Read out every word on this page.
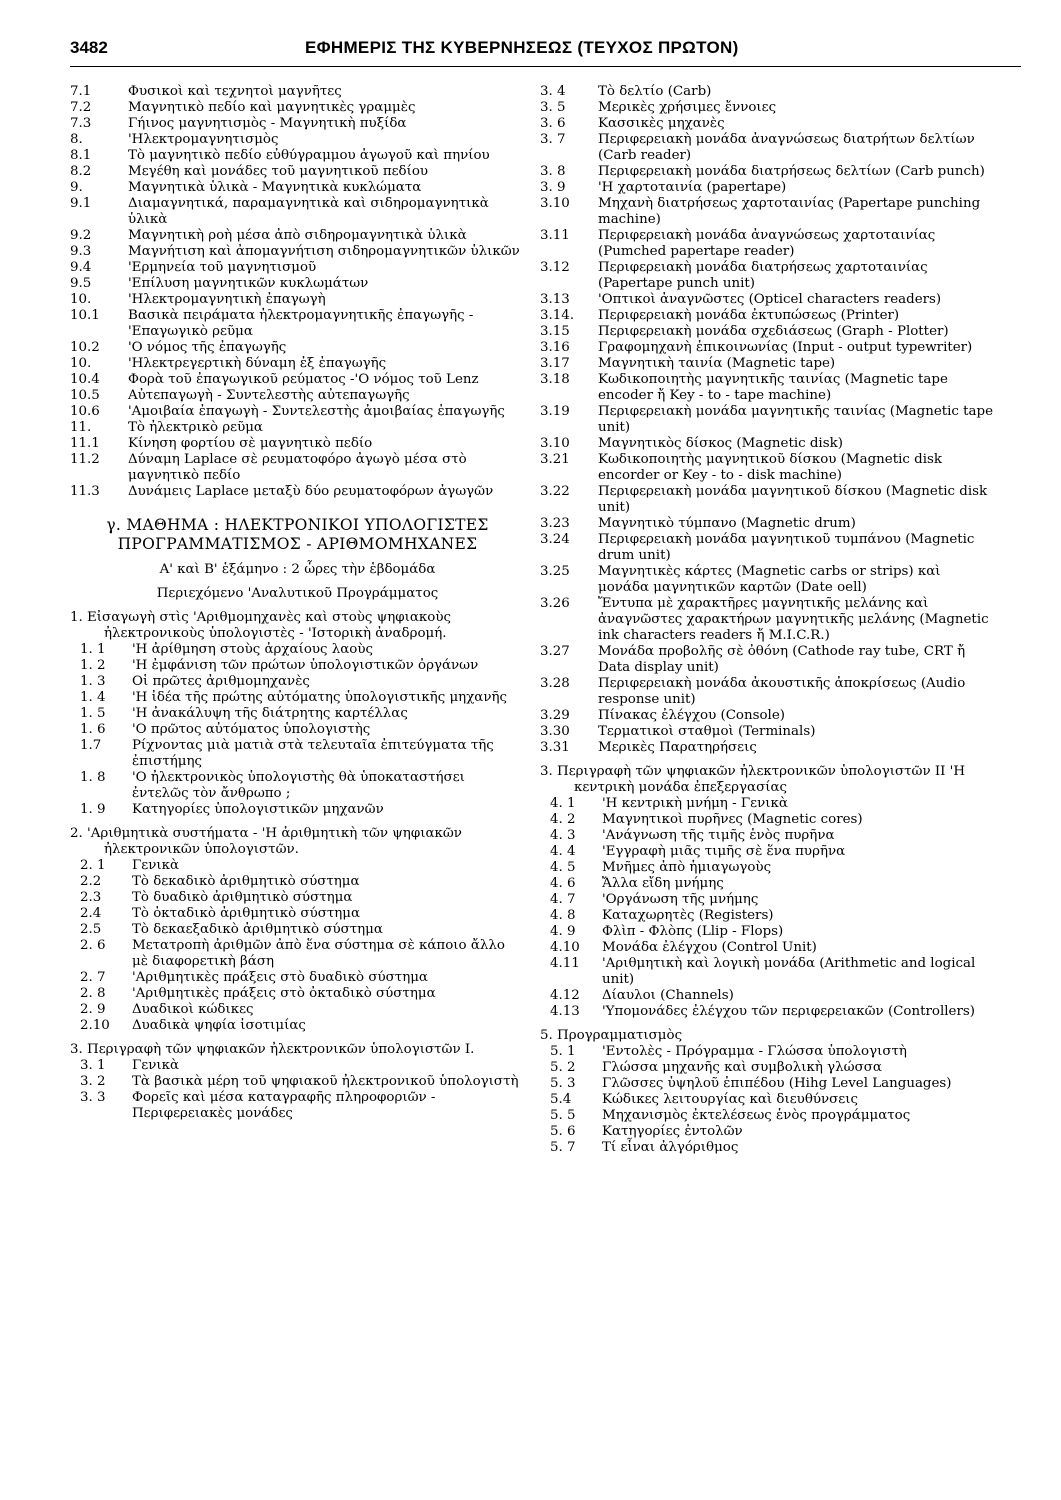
3482	ΕΦΗΜΕΡΙΣ ΤΗΣ ΚΥΒΕΡΝΗΣΕΩΣ (ΤΕΥΧΟΣ ΠΡΩΤΟΝ)

7.1	Φυσικοὶ καὶ τεχνητοὶ μαγνῆτες

7.2	Μαγνητικὸ πεδίο καὶ μαγνητικὲς γραμμὲς

7.3	Γήινος μαγνητισμὸς - Μαγνητικὴ πυξίδα

8.	'Ηλεκτρομαγνητισμὸς

8.1	Τὸ μαγνητικὸ πεδίο εὐθύγραμμου ἀγωγοῦ καὶ πηνίου

8.2	Μεγέθη καὶ μονάδες τοῦ μαγνητικοῦ πεδίου

9.	Μαγνητικὰ ὑλικὰ - Μαγνητικὰ κυκλώματα

9.1	Διαμαγνητικά, παραμαγνητικὰ καὶ σιδηρομαγνητικὰ ὑλικὰ

9.2	Μαγνητικὴ ροὴ μέσα ἀπὸ σιδηρομαγνητικὰ ὑλικὰ

9.3	Μαγνήτιση καὶ ἀπομαγνήτιση σιδηρομαγνητικῶν ὑλικῶν

9.4	'Ερμηνεία τοῦ μαγνητισμοῦ

9.5	'Επίλυση μαγνητικῶν κυκλωμάτων

10.	'Ηλεκτρομαγνητικὴ ἐπαγωγὴ

10.1 Βασικὰ πειράματα ἠλεκτρομαγνητικῆς ἐπαγωγῆς - 'Επαγωγικὸ ρεῦμα

10.2 'Ο νόμος τῆς ἐπαγωγῆς

10.	'Ηλεκτρεγερτικὴ δύναμη ἐξ ἐπαγωγῆς

10.4 Φορὰ τοῦ ἐπαγωγικοῦ ρεύματος -'Ο νόμος τοῦ Lenz

10.5 Αὐτεπαγωγὴ - Συντελεστὴς αὐτεπαγωγῆς

10.6 'Αμοιβαία ἐπαγωγὴ - Συντελεστὴς ἀμοιβαίας ἐπαγωγῆς

11.	Τὸ ἠλεκτρικὸ ρεῦμα

11.1 Κίνηση φορτίου σὲ μαγνητικὸ πεδίο

11.2 Δύναμη Laplace σὲ ρευματοφόρο ἀγωγὸ μέσα στὸ μαγνητικὸ πεδίο

11.3 Δυνάμεις Laplace μεταξὺ δύο ρευματοφόρων ἀγωγῶν

γ. ΜΑΘΗΜΑ : ΗΛΕΚΤΡΟΝΙΚΟΙ ΥΠΟΛΟΓΙΣΤΕΣ

ΠΡΟΓΡΑΜΜΑΤΙΣΜΟΣ - ΑΡΙΘΜΟΜΗΧΑΝΕΣ

Α' καὶ Β' ἑξάμηνο : 2 ὧρες τὴν ἑβδομάδα

Περιεχόμενο 'Αναλυτικοῦ Προγράμματος

1. Εἰσαγωγὴ στὶς 'Αριθμομηχανὲς καὶ στοὺς ψηφιακοὺς ἠλεκτρονικοὺς ὑπολογιστὲς - 'Ιστορικὴ ἀναδρομή.

1. 1 'Η ἀρίθμηση στοὺς ἀρχαίους λαοὺς

1. 2 'Η ἐμφάνιση τῶν πρώτων ὑπολογιστικῶν ὀργάνων

1. 3 Οἱ πρῶτες ἀριθμομηχανὲς

1. 4 'Η ἰδέα τῆς πρώτης αὐτόματης ὑπολογιστικῆς μηχανῆς

1. 5 'Η ἀνακάλυψη τῆς διάτρητης καρτέλλας

1. 6 'Ο πρῶτος αὐτόματος ὑπολογιστὴς

1.7 Ρίχνοντας μιὰ ματιὰ στὰ τελευταῖα ἐπιτεύγματα τῆς ἐπιστήμης

1. 8 'Ο ἠλεκτρονικὸς ὑπολογιστὴς θὰ ὑποκαταστήσει ἐντελῶς τὸν ἄνθρωπο ;

1. 9 Κατηγορίες ὑπολογιστικῶν μηχανῶν

2. 'Αριθμητικὰ συστήματα - 'Η ἀριθμητικὴ τῶν ψηφιακῶν ἠλεκτρονικῶν ὑπολογιστῶν.

2. 1 Γενικὰ

2.2 Τὸ δεκαδικὸ ἀριθμητικὸ σύστημα

2.3 Τὸ δυαδικὸ ἀριθμητικὸ σύστημα

2.4 Τὸ ὀκταδικὸ ἀριθμητικὸ σύστημα

2.5 Τὸ δεκαεξαδικὸ ἀριθμητικὸ σύστημα

2. 6 Μετατροπὴ ἀριθμῶν ἀπὸ ἕνα σύστημα σὲ κάποιο ἄλλο μὲ διαφορετικὴ βάση

2. 7 'Αριθμητικὲς πράξεις στὸ δυαδικὸ σύστημα

2. 8 'Αριθμητικὲς πράξεις στὸ ὀκταδικὸ σύστημα

2. 9 Δυαδικοὶ κώδικες

2.10 Δυαδικὰ ψηφία ἰσοτιμίας

3. Περιγραφὴ τῶν ψηφιακῶν ἠλεκτρονικῶν ὑπολογιστῶν Ι.

3. 1 Γενικὰ

3. 2 Τὰ βασικὰ μέρη τοῦ ψηφιακοῦ ἠλεκτρονικοῦ ὑπολογιστὴ

3. 3 Φορεῖς καὶ μέσα καταγραφῆς πληροφοριῶν - Περιφερειακὲς μονάδες

3. 4 Τὸ δελτίο (Carb)

3. 5 Μερικὲς χρήσιμες ἔννοιες

3. 6 Κασσικὲς μηχανὲς

3. 7 Περιφερειακὴ μονάδα ἀναγνώσεως διατρήτων δελτίων (Carb reader)

3. 8 Περιφερειακὴ μονάδα διατρήσεως δελτίων (Carb punch)

3. 9 'Η χαρτοταινία (papertape)

3.10 Μηχανὴ διατρήσεως χαρτοταινίας (Papertape punching machine)

3.11 Περιφερειακὴ μονάδα ἀναγνώσεως χαρτοταινίας (Pumched papertape reader)

3.12 Περιφερειακὴ μονάδα διατρήσεως χαρτοταινίας (Papertape punch unit)

3.13 'Οπτικοὶ ἀναγνῶστες (Opticel characters readers)

3.14. Περιφερειακὴ μονάδα ἐκτυπώσεως (Printer)

3.15 Περιφερειακὴ μονάδα σχεδιάσεως (Graph - Plotter)

3.16 Γραφομηχανὴ ἐπικοινωνίας (Input - output typewriter)

3.17 Μαγνητικὴ ταινία (Magnetic tape)

3.18 Κωδικοποιητὴς μαγνητικῆς ταινίας (Magnetic tape encoder ἤ Key - to - tape machine)

3.19 Περιφερειακὴ μονάδα μαγνητικῆς ταινίας (Magnetic tape unit)

3.10 Μαγνητικὸς δίσκος (Magnetic disk)

3.21 Κωδικοποιητὴς μαγνητικοῦ δίσκου (Magnetic disk encorder or Key - to - disk machine)

3.22 Περιφερειακὴ μονάδα μαγνητικοῦ δίσκου (Magnetic disk unit)

3.23 Μαγνητικὸ τύμπανο (Magnetic drum)

3.24 Περιφερειακὴ μονάδα μαγνητικοῦ τυμπάνου (Magnetic drum unit)

3.25 Μαγνητικὲς κάρτες (Magnetic carbs or strips) καὶ μονάδα μαγνητικῶν καρτῶν (Date oell)

3.26 Ἔντυπα μὲ χαρακτῆρες μαγνητικῆς μελάνης καὶ ἀναγνῶστες χαρακτήρων μαγνητικῆς μελάνης (Magnetic ink characters readers ἤ M.I.C.R.)

3.27 Μονάδα προβολῆς σὲ ὀθόνη (Cathode ray tube, CRT ἤ Data display unit)

3.28 Περιφερειακὴ μονάδα ἀκουστικῆς ἀποκρίσεως (Audio response unit)

3.29 Πίνακας ἐλέγχου (Console)

3.30 Τερματικοὶ σταθμοὶ (Terminals)

3.31 Μερικὲς Παρατηρήσεις

3. Περιγραφὴ τῶν ψηφιακῶν ἠλεκτρονικῶν ὑπολογιστῶν ΙΙ 'Η κεντρικὴ μονάδα ἐπεξεργασίας

4. 1 'Η κεντρικὴ μνήμη - Γενικὰ

4. 2 Μαγνητικοὶ πυρῆνες (Magnetic cores)

4. 3 'Ανάγνωση τῆς τιμῆς ἑνὸς πυρῆνα

4. 4 'Εγγραφὴ μιᾶς τιμῆς σὲ ἕνα πυρῆνα

4. 5 Μνῆμες ἀπὸ ἡμιαγωγοὺς

4. 6 Ἄλλα εἴδη μνήμης

4. 7 'Οργάνωση τῆς μνήμης

4. 8 Καταχωρητὲς (Registers)

4. 9 Φλὶπ - Φλὸπς (Llip - Flops)

4.10 Μονάδα ἐλέγχου (Control Unit)

4.11 'Αριθμητικὴ καὶ λογικὴ μονάδα (Arithmetic and logical unit)

4.12 Δίαυλοι (Channels)

4.13 'Υπομονάδες ἐλέγχου τῶν περιφερειακῶν (Controllers)

5. Προγραμματισμὸς

5. 1 'Εντολὲς - Πρόγραμμα - Γλώσσα ὑπολογιστὴ

5. 2 Γλώσσα μηχανῆς καὶ συμβολικὴ γλώσσα

5. 3 Γλῶσσες ὑψηλοῦ ἐπιπέδου (Hihg Level Languages)

5.4 Κώδικες λειτουργίας καὶ διευθύνσεις

5. 5 Μηχανισμὸς ἐκτελέσεως ἑνὸς προγράμματος

5. 6 Κατηγορίες ἐντολῶν

5. 7 Τί εἶναι ἀλγόριθμος
